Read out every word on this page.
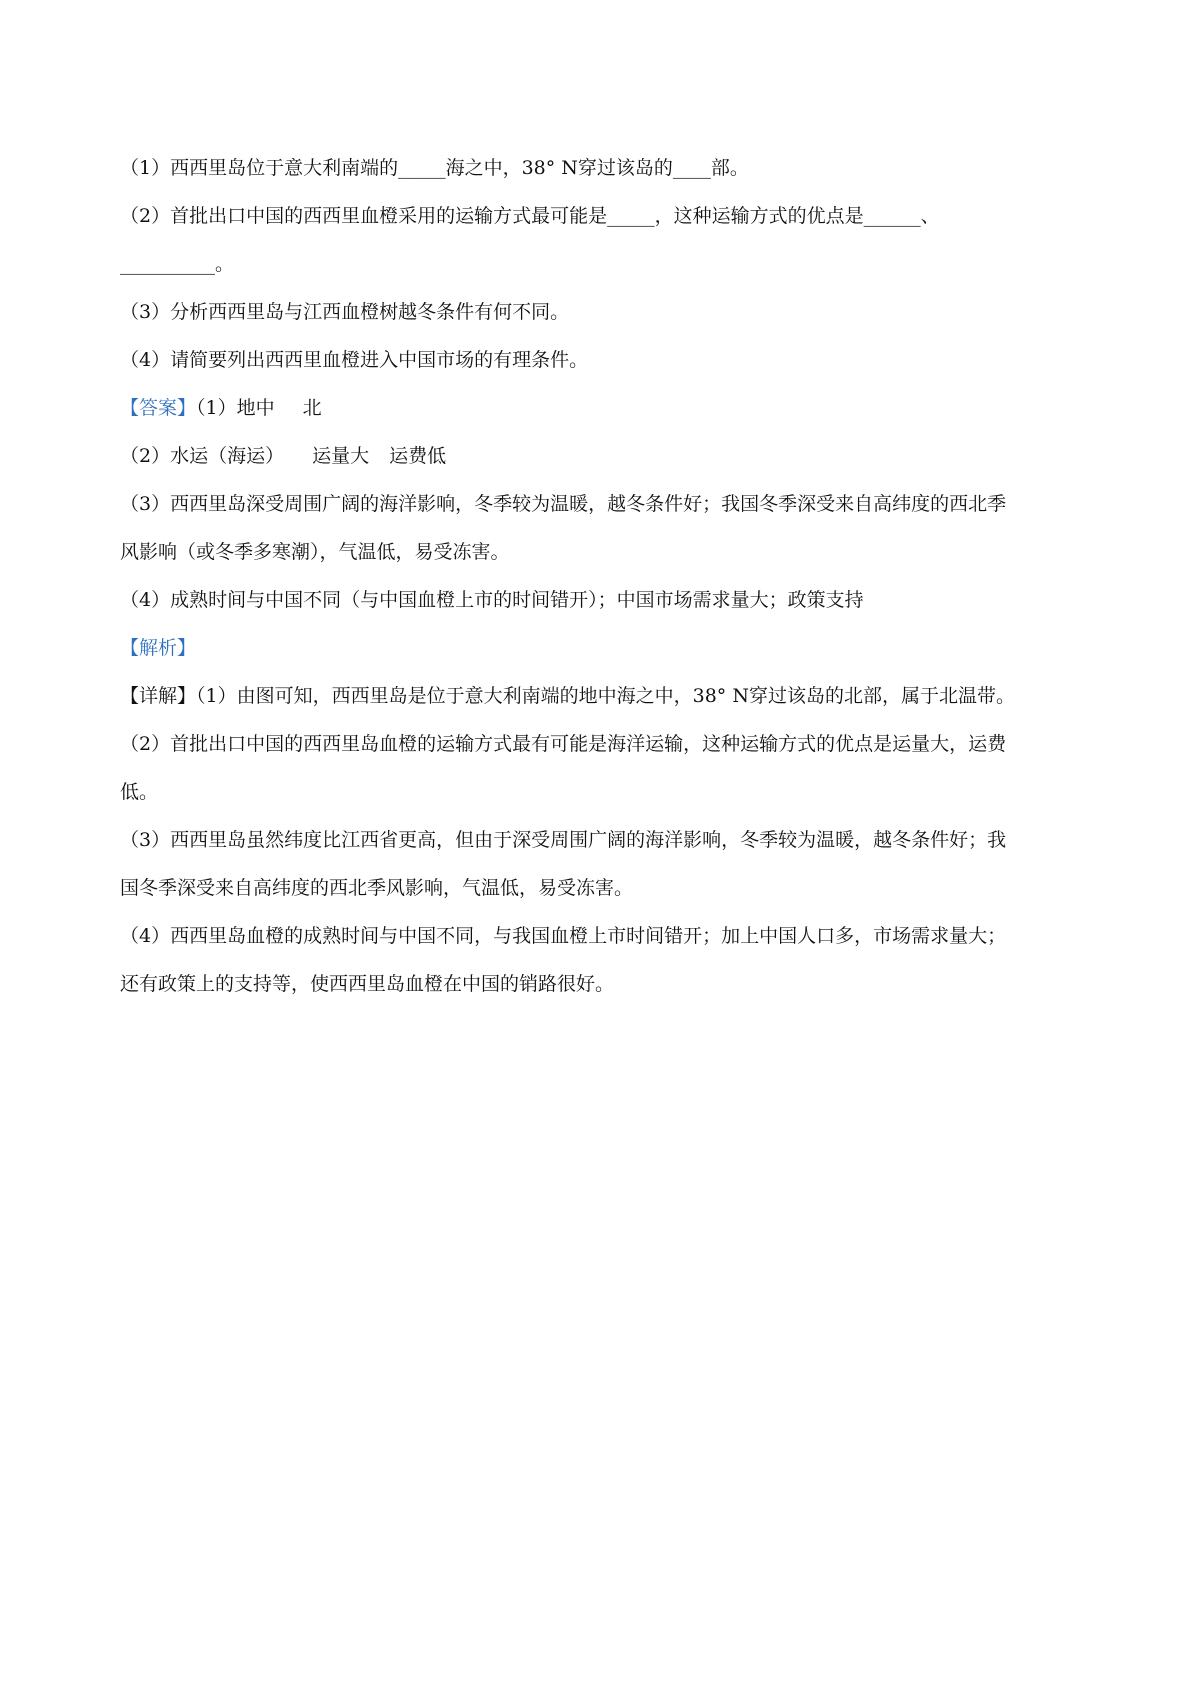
（1）西西里岛位于意大利南端的_____海之中，38° N穿过该岛的____部。
（2）首批出口中国的西西里血橙采用的运输方式最可能是_____，这种运输方式的优点是______、
__________。
（3）分析西西里岛与江西血橙树越冬条件有何不同。
（4）请简要列出西西里血橙进入中国市场的有理条件。
【答案】（1）地中 北
（2）水运（海运） 运量大 运费低
（3）西西里岛深受周围广阔的海洋影响，冬季较为温暖，越冬条件好；我国冬季深受来自高纬度的西北季
风影响（或冬季多寒潮），气温低，易受冻害。
（4）成熟时间与中国不同（与中国血橙上市的时间错开）；中国市场需求量大；政策支持
【解析】
【详解】（1）由图可知，西西里岛是位于意大利南端的地中海之中，38° N穿过该岛的北部，属于北温带。
（2）首批出口中国的西西里岛血橙的运输方式最有可能是海洋运输，这种运输方式的优点是运量大，运费
低。
（3）西西里岛虽然纬度比江西省更高，但由于深受周围广阔的海洋影响，冬季较为温暖，越冬条件好；我
国冬季深受来自高纬度的西北季风影响，气温低，易受冻害。
（4）西西里岛血橙的成熟时间与中国不同，与我国血橙上市时间错开；加上中国人口多，市场需求量大；
还有政策上的支持等，使西西里岛血橙在中国的销路很好。
